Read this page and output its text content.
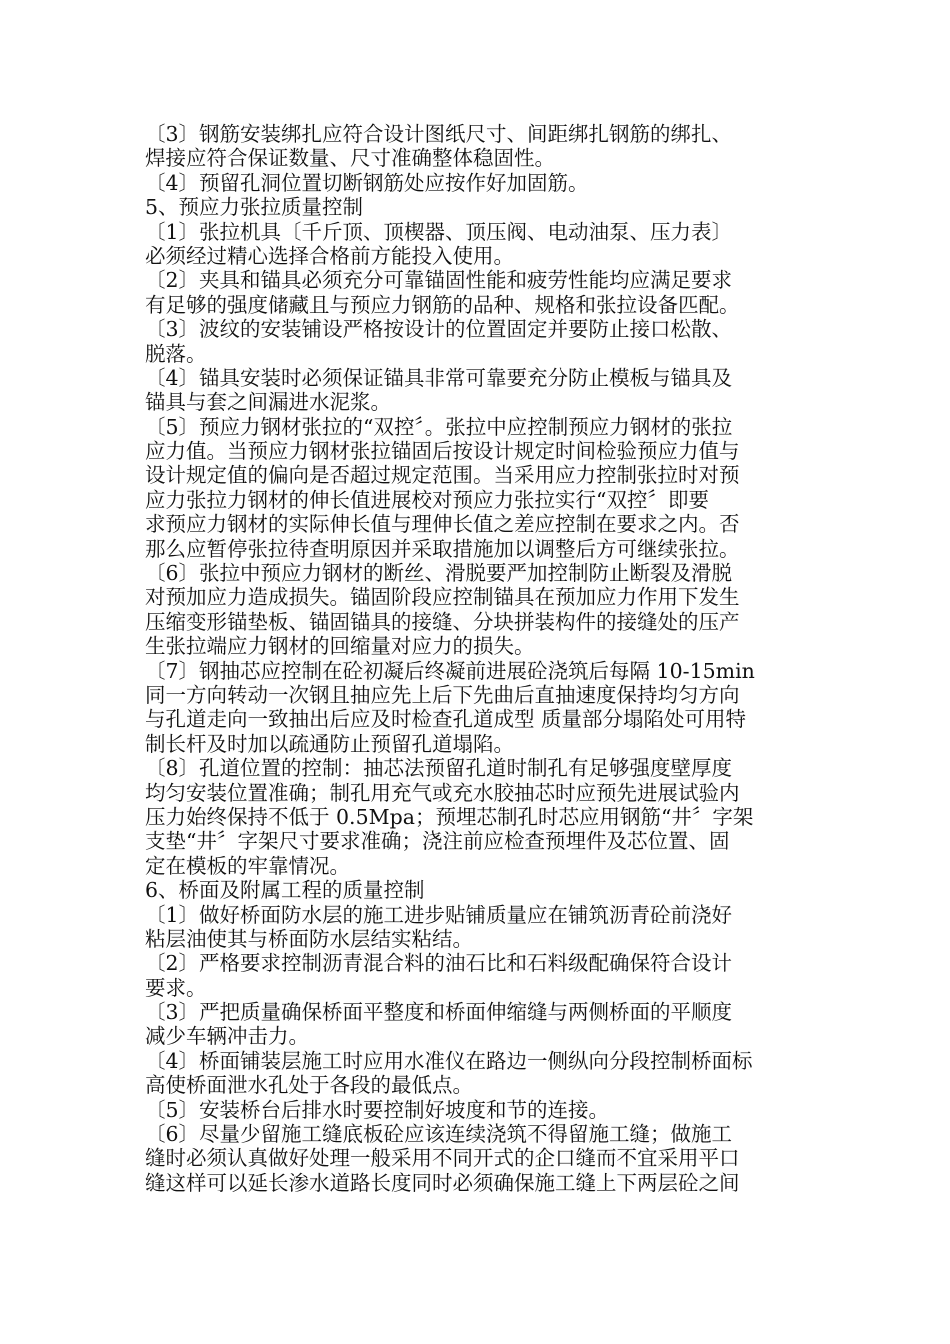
〔3〕钢筋安装绑扎应符合设计图纸尺寸、间距绑扎钢筋的绑扎、
焊接应符合保证数量、尺寸准确整体稳固性。
〔4〕预留孔洞位置切断钢筋处应按作好加固筋。
5、预应力张拉质量控制
〔1〕张拉机具〔千斤顶、顶楔器、顶压阀、电动油泵、压力表〕
必须经过精心选择合格前方能投入使用。
〔2〕夹具和锚具必须充分可靠锚固性能和疲劳性能均应满足要求
有足够的强度储藏且与预应力钢筋的品种、规格和张拉设备匹配。
〔3〕波纹的安装铺设严格按设计的位置固定并要防止接口松散、
脱落。
〔4〕锚具安装时必须保证锚具非常可靠要充分防止模板与锚具及
锚具与套之间漏进水泥浆。
〔5〕预应力钢材张拉的“双控〞。张拉中应控制预应力钢材的张拉
应力值。当预应力钢材张拉锚固后按设计规定时间检验预应力值与
设计规定值的偏向是否超过规定范围。当采用应力控制张拉时对预
应力张拉力钢材的伸长值进展校对预应力张拉实行“双控〞即要
求预应力钢材的实际伸长值与理伸长值之差应控制在要求之内。否
那么应暂停张拉待查明原因并采取措施加以调整后方可继续张拉。
〔6〕张拉中预应力钢材的断丝、滑脱要严加控制防止断裂及滑脱
对预加应力造成损失。锚固阶段应控制锚具在预加应力作用下发生
压缩变形锚垫板、锚固锚具的接缝、分块拼装构件的接缝处的压产
生张拉端应力钢材的回缩量对应力的损失。
〔7〕钢抽芯应控制在砼初凝后终凝前进展砼浇筑后每隔 10-15min
同一方向转动一次钢且抽应先上后下先曲后直抽速度保持均匀方向
与孔道走向一致抽出后应及时检查孔道成型 质量部分塌陷处可用特
制长杆及时加以疏通防止预留孔道塌陷。
〔8〕孔道位置的控制：抽芯法预留孔道时制孔有足够强度壁厚度
均匀安装位置准确；制孔用充气或充水胶抽芯时应预先进展试验内
压力始终保持不低于 0.5Mpa；预埋芯制孔时芯应用钢筋“井〞字架
支垫“井〞字架尺寸要求准确；浇注前应检查预埋件及芯位置、固
定在模板的牢靠情况。
6、桥面及附属工程的质量控制
〔1〕做好桥面防水层的施工进步贴铺质量应在铺筑沥青砼前浇好
粘层油使其与桥面防水层结实粘结。
〔2〕严格要求控制沥青混合料的油石比和石料级配确保符合设计
要求。
〔3〕严把质量确保桥面平整度和桥面伸缩缝与两侧桥面的平顺度
减少车辆冲击力。
〔4〕桥面铺装层施工时应用水准仪在路边一侧纵向分段控制桥面标
高使桥面泄水孔处于各段的最低点。
〔5〕安装桥台后排水时要控制好坡度和节的连接。
〔6〕尽量少留施工缝底板砼应该连续浇筑不得留施工缝；做施工
缝时必须认真做好处理一般采用不同开式的企口缝而不宜采用平口
缝这样可以延长渗水道路长度同时必须确保施工缝上下两层砼之间
